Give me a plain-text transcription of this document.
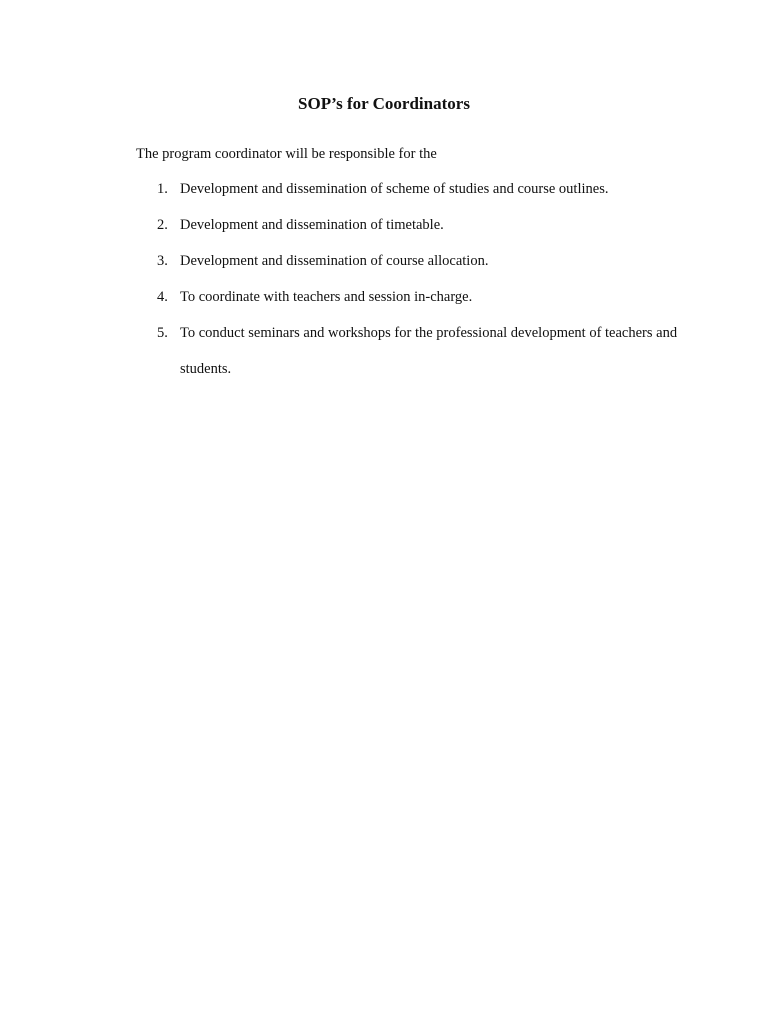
SOP’s for Coordinators
The program coordinator will be responsible for the
1. Development and dissemination of scheme of studies and course outlines.
2. Development and dissemination of timetable.
3. Development and dissemination of course allocation.
4. To coordinate with teachers and session in-charge.
5. To conduct seminars and workshops for the professional development of teachers and students.
